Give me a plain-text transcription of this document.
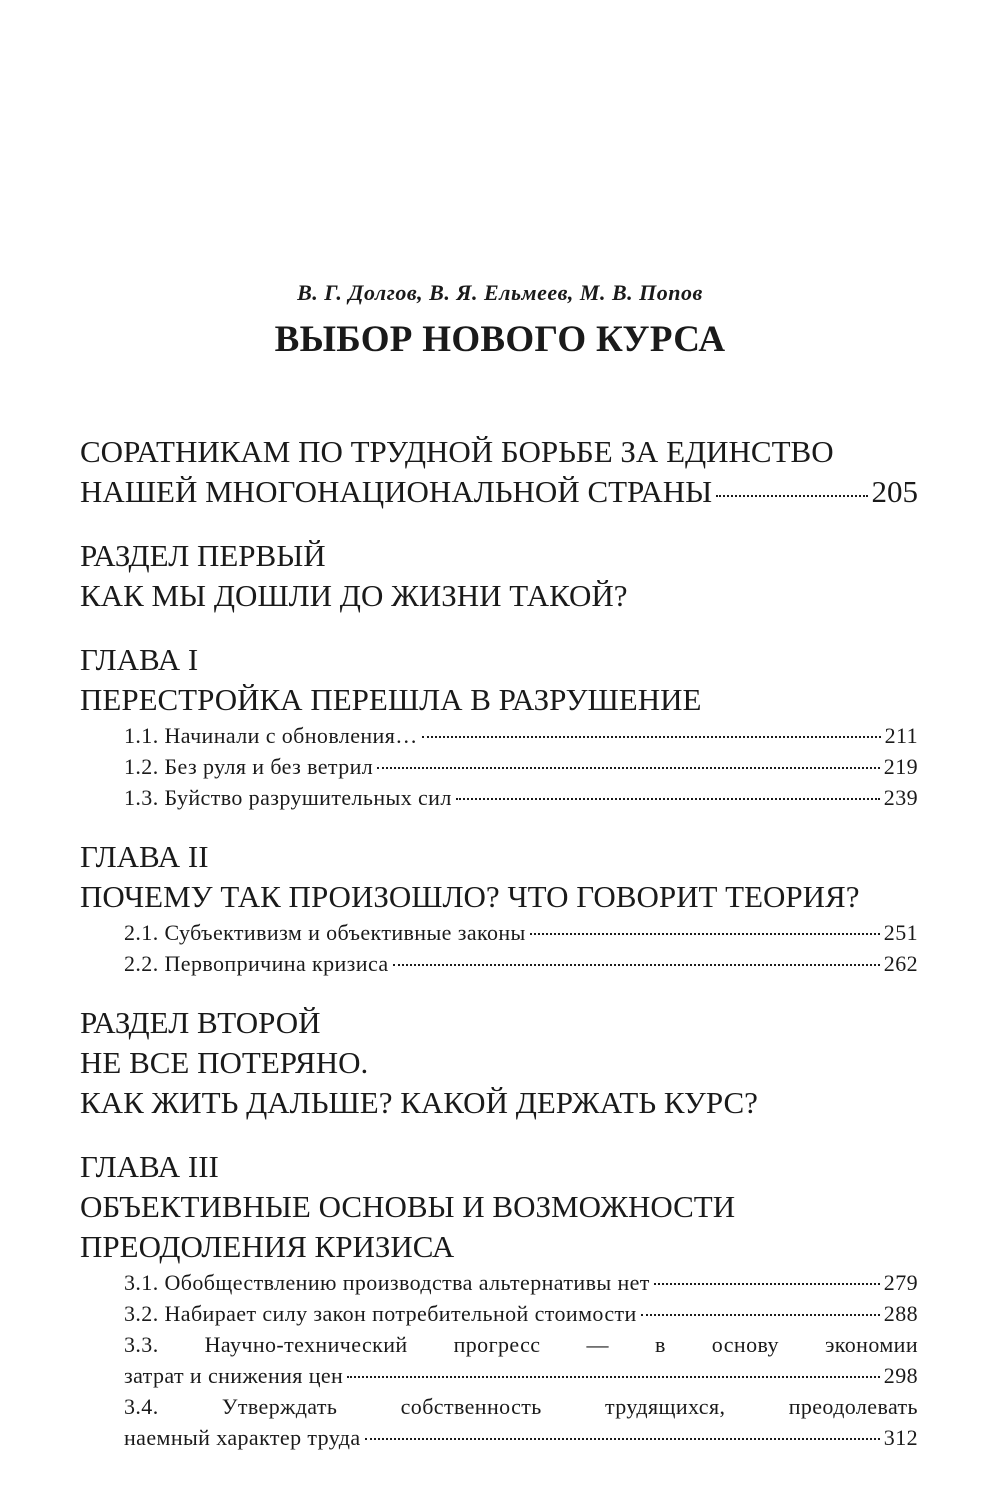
В. Г. Долгов, В. Я. Ельмеев, М. В. Попов
ВЫБОР НОВОГО КУРСА
СОРАТНИКАМ ПО ТРУДНОЙ БОРЬБЕ ЗА ЕДИНСТВО
НАШЕЙ МНОГОНАЦИОНАЛЬНОЙ СТРАНЫ	205
РАЗДЕЛ ПЕРВЫЙ
КАК МЫ ДОШЛИ ДО ЖИЗНИ ТАКОЙ?
ГЛАВА I
ПЕРЕСТРОЙКА ПЕРЕШЛА В РАЗРУШЕНИЕ
1.1. Начинали с обновления…	211
1.2. Без руля и без ветрил	219
1.3. Буйство разрушительных сил	239
ГЛАВА II
ПОЧЕМУ ТАК ПРОИЗОШЛО? ЧТО ГОВОРИТ ТЕОРИЯ?
2.1. Субъективизм и объективные законы	251
2.2. Первопричина кризиса	262
РАЗДЕЛ ВТОРОЙ
НЕ ВСЕ ПОТЕРЯНО.
КАК ЖИТЬ ДАЛЬШЕ? КАКОЙ ДЕРЖАТЬ КУРС?
ГЛАВА III
ОБЪЕКТИВНЫЕ ОСНОВЫ И ВОЗМОЖНОСТИ
ПРЕОДОЛЕНИЯ КРИЗИСА
3.1. Обобществлению производства альтернативы нет	279
3.2. Набирает силу закон потребительной стоимости	288
3.3. Научно-технический прогресс — в основу экономии
затрат и снижения цен	298
3.4. Утверждать собственность трудящихся, преодолевать
наемный характер труда	312
